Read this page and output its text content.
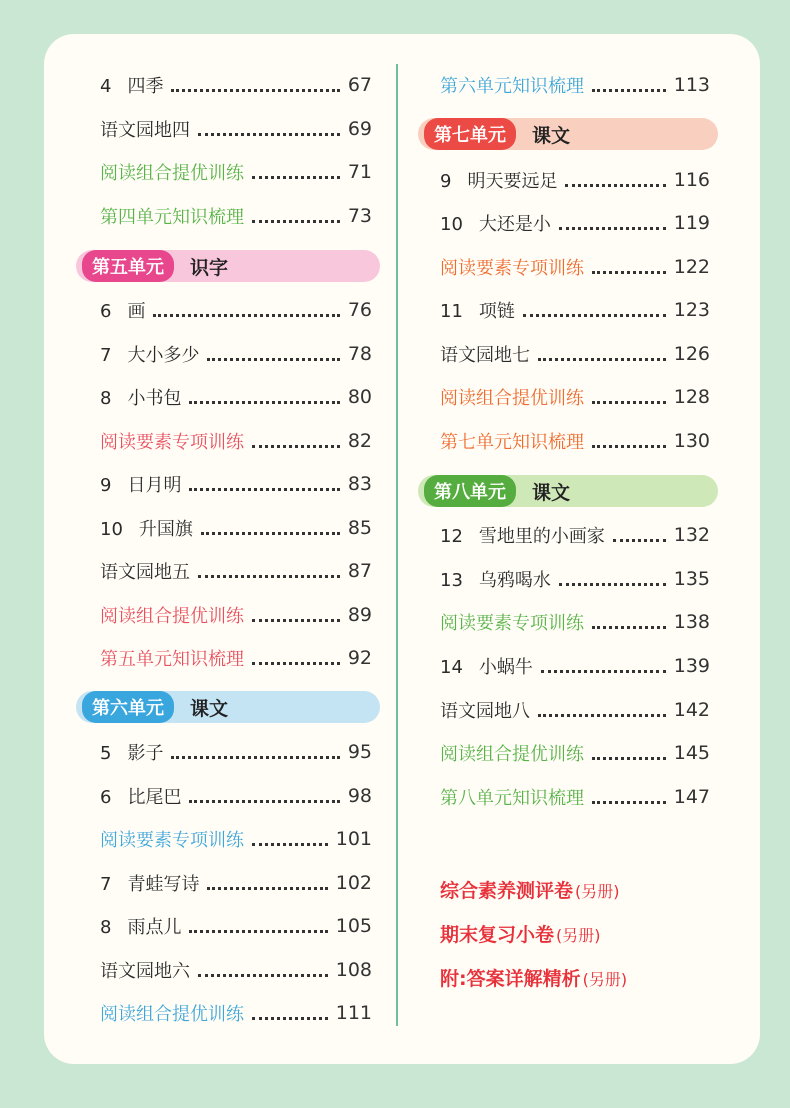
4 四季	67
语文园地四	69
阅读组合提优训练	71
第四单元知识梳理	73
第五单元	识字
6 画	76
7 大小多少	78
8 小书包	80
阅读要素专项训练	82
9 日月明	83
10 升国旗	85
语文园地五	87
阅读组合提优训练	89
第五单元知识梳理	92
第六单元	课文
5 影子	95
6 比尾巴	98
阅读要素专项训练	101
7 青蛙写诗	102
8 雨点儿	105
语文园地六	108
阅读组合提优训练	111
第六单元知识梳理	113
第七单元	课文
9 明天要远足	116
10 大还是小	119
阅读要素专项训练	122
11 项链	123
语文园地七	126
阅读组合提优训练	128
第七单元知识梳理	130
第八单元	课文
12 雪地里的小画家	132
13 乌鸦喝水	135
阅读要素专项训练	138
14 小蜗牛	139
语文园地八	142
阅读组合提优训练	145
第八单元知识梳理	147
综合素养测评卷 (另册)
期末复习小卷 (另册)
附:答案详解精析 (另册)
